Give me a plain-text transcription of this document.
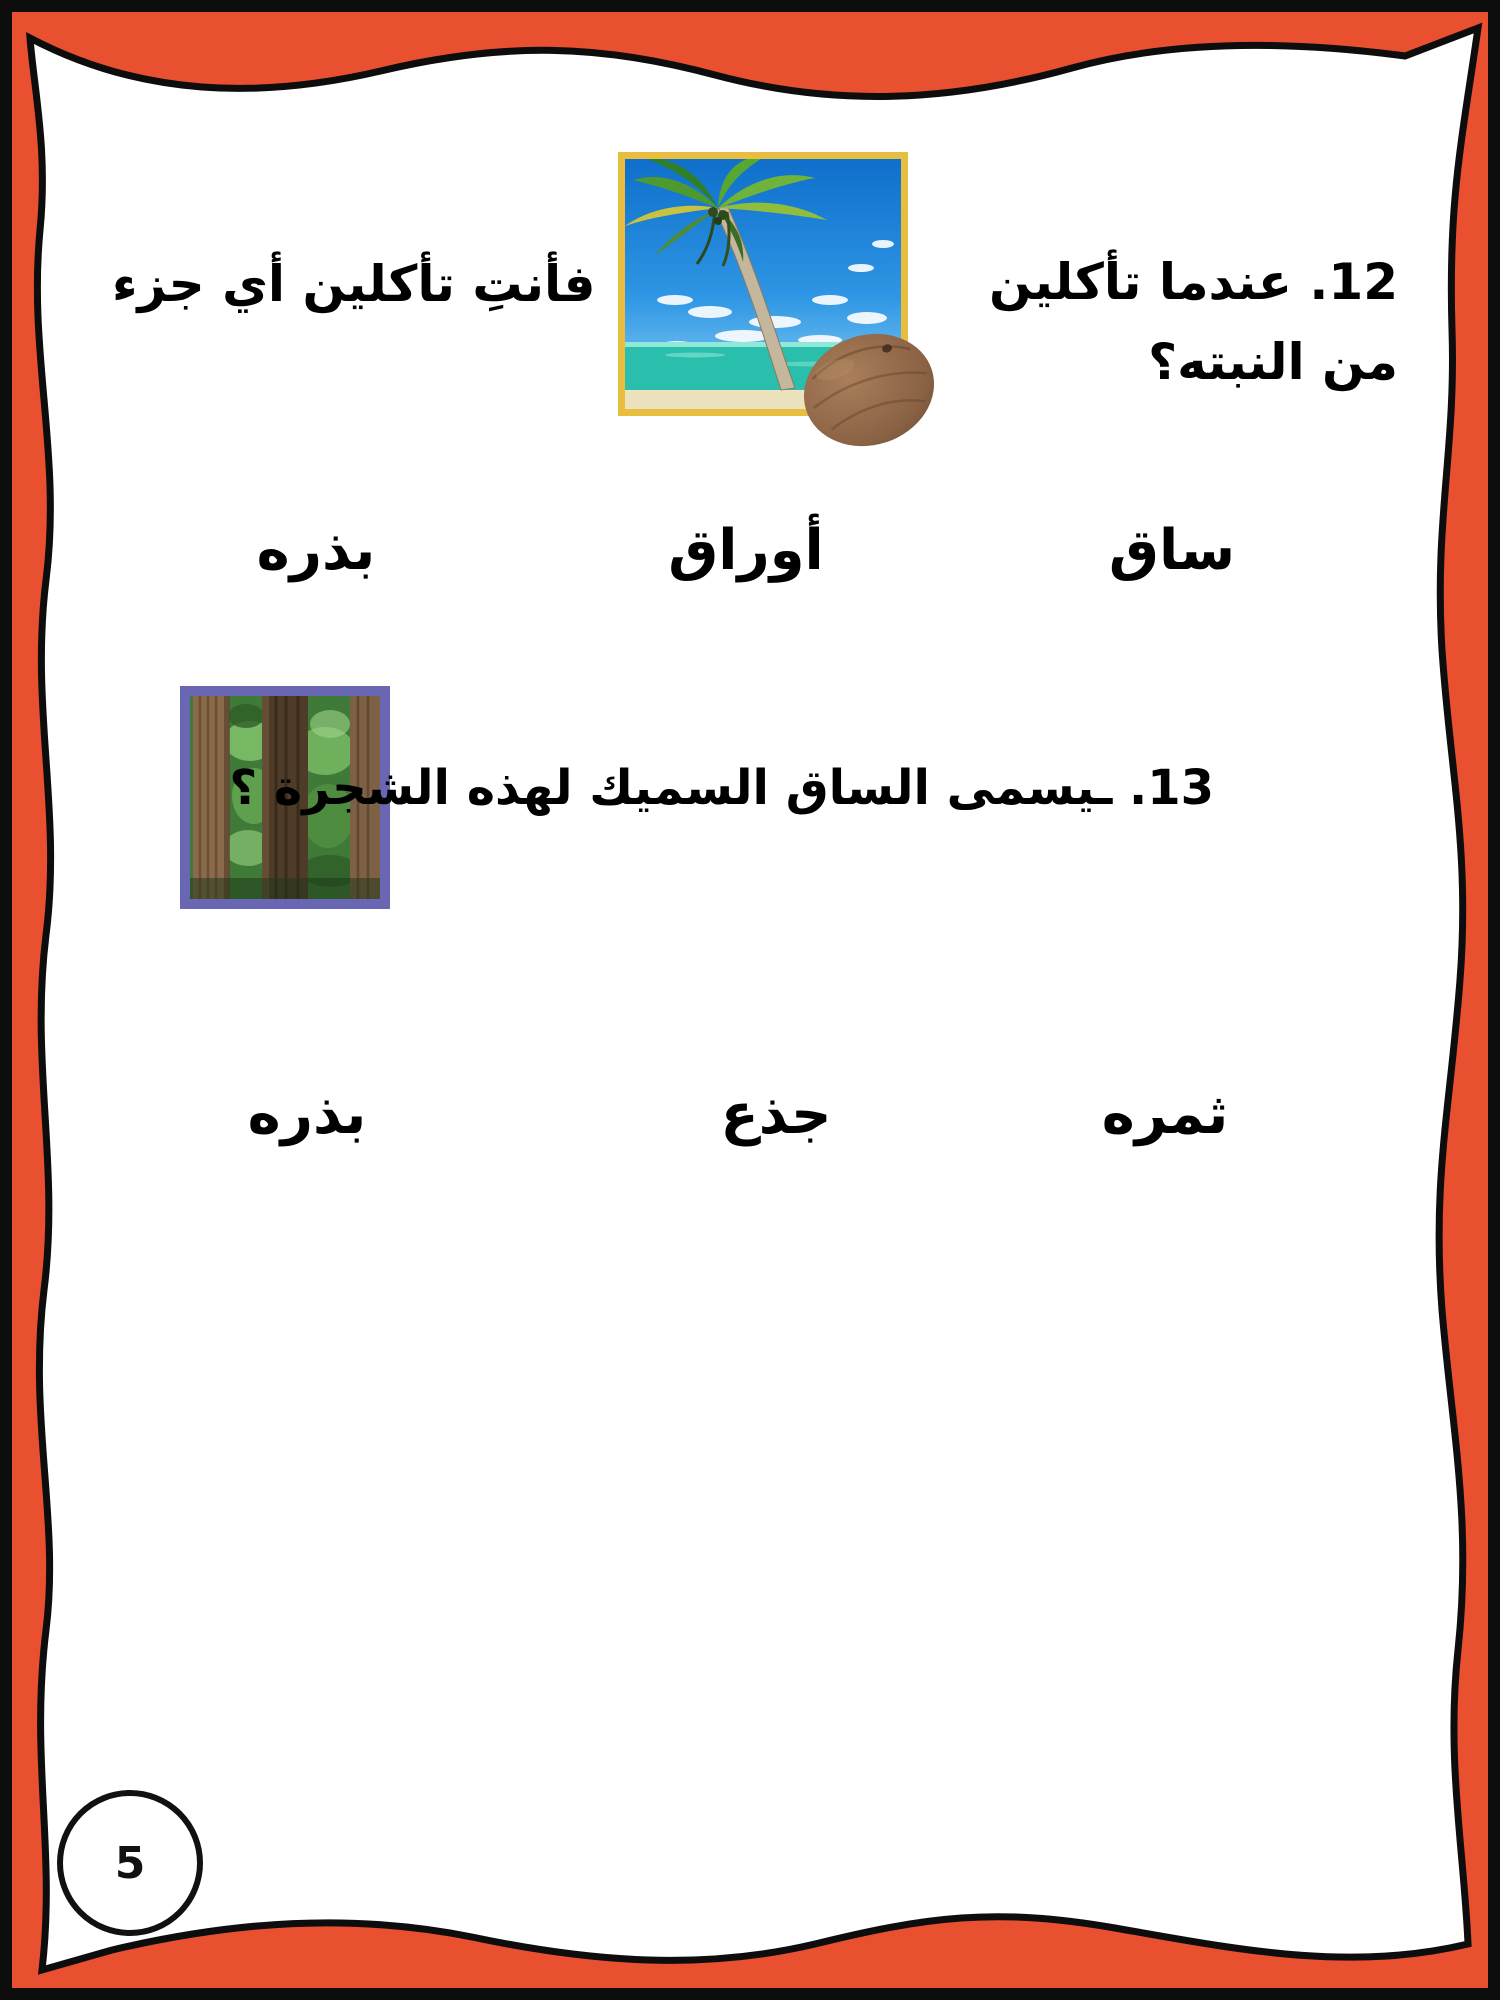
12. عندما تأكلين
من النبته؟
فأنتِ تأكلين أي جزء
ساق
أوراق
بذره
13. ـيسمى الساق السميك لهذه الشجرة ؟
ثمره
جذع
بذره
5
